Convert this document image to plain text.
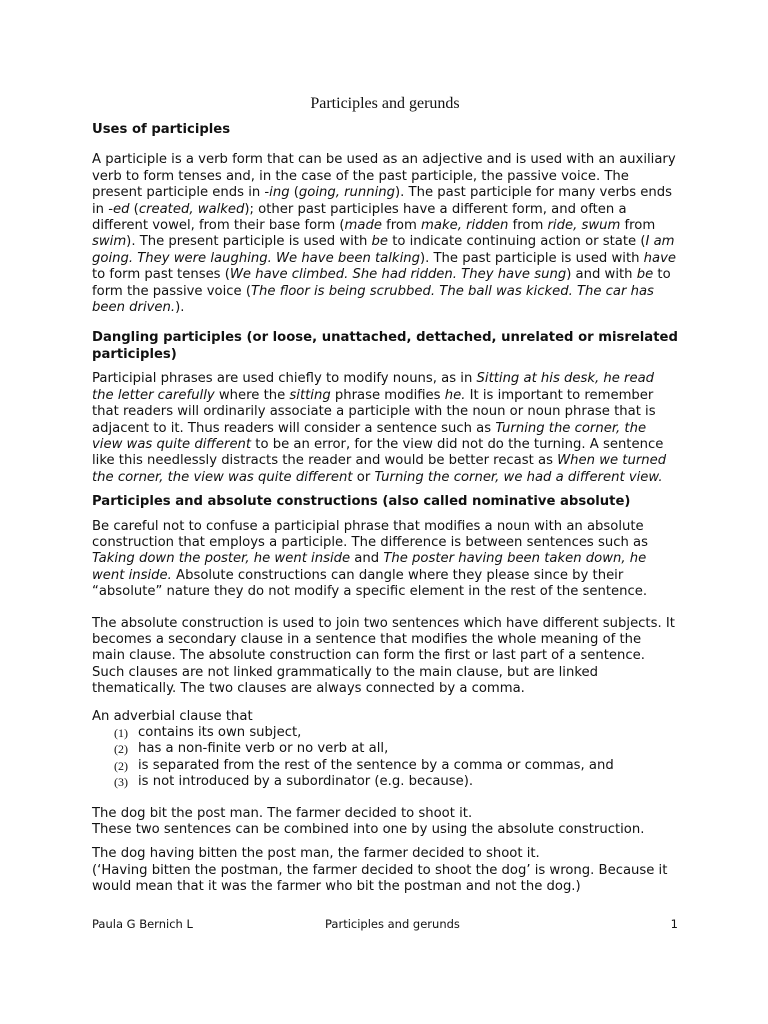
Participles and gerunds
Uses of participles

A participle is a verb form that can be used as an adjective and is used with an auxiliary verb to form tenses and, in the case of the past participle, the passive voice. The present participle ends in -ing (going, running). The past participle for many verbs ends in -ed (created, walked); other past participles have a different form, and often a different vowel, from their base form (made from make, ridden from ride, swum from swim). The present participle is used with be to indicate continuing action or state (I am going. They were laughing. We have been talking). The past participle is used with have to form past tenses (We have climbed. She had ridden. They have sung) and with be to form the passive voice (The floor is being scrubbed. The ball was kicked. The car has been driven.).

Dangling participles (or loose, unattached, dettached, unrelated or misrelated participles)

Participial phrases are used chiefly to modify nouns, as in Sitting at his desk, he read the letter carefully where the sitting phrase modifies he. It is important to remember that readers will ordinarily associate a participle with the noun or noun phrase that is adjacent to it. Thus readers will consider a sentence such as Turning the corner, the view was quite different to be an error, for the view did not do the turning. A sentence like this needlessly distracts the reader and would be better recast as When we turned the corner, the view was quite different or Turning the corner, we had a different view.

Participles and absolute constructions (also called nominative absolute)

Be careful not to confuse a participial phrase that modifies a noun with an absolute construction that employs a participle. The difference is between sentences such as Taking down the poster, he went inside and The poster having been taken down, he went inside. Absolute constructions can dangle where they please since by their “absolute” nature they do not modify a specific element in the rest of the sentence.

The absolute construction is used to join two sentences which have different subjects. It becomes a secondary clause in a sentence that modifies the whole meaning of the main clause. The absolute construction can form the first or last part of a sentence. Such clauses are not linked grammatically to the main clause, but are linked thematically. The two clauses are always connected by a comma.

An adverbial clause that

(1) contains its own subject,
(2) has a non-finite verb or no verb at all,
(2) is separated from the rest of the sentence by a comma or commas, and
(3) is not introduced by a subordinator (e.g. because).

The dog bit the post man. The farmer decided to shoot it.

These two sentences can be combined into one by using the absolute construction.

The dog having bitten the post man, the farmer decided to shoot it.

(‘Having bitten the postman, the farmer decided to shoot the dog’ is wrong. Because it would mean that it was the farmer who bit the postman and not the dog.)

Paula G Bernich L	Participles and gerunds	1
